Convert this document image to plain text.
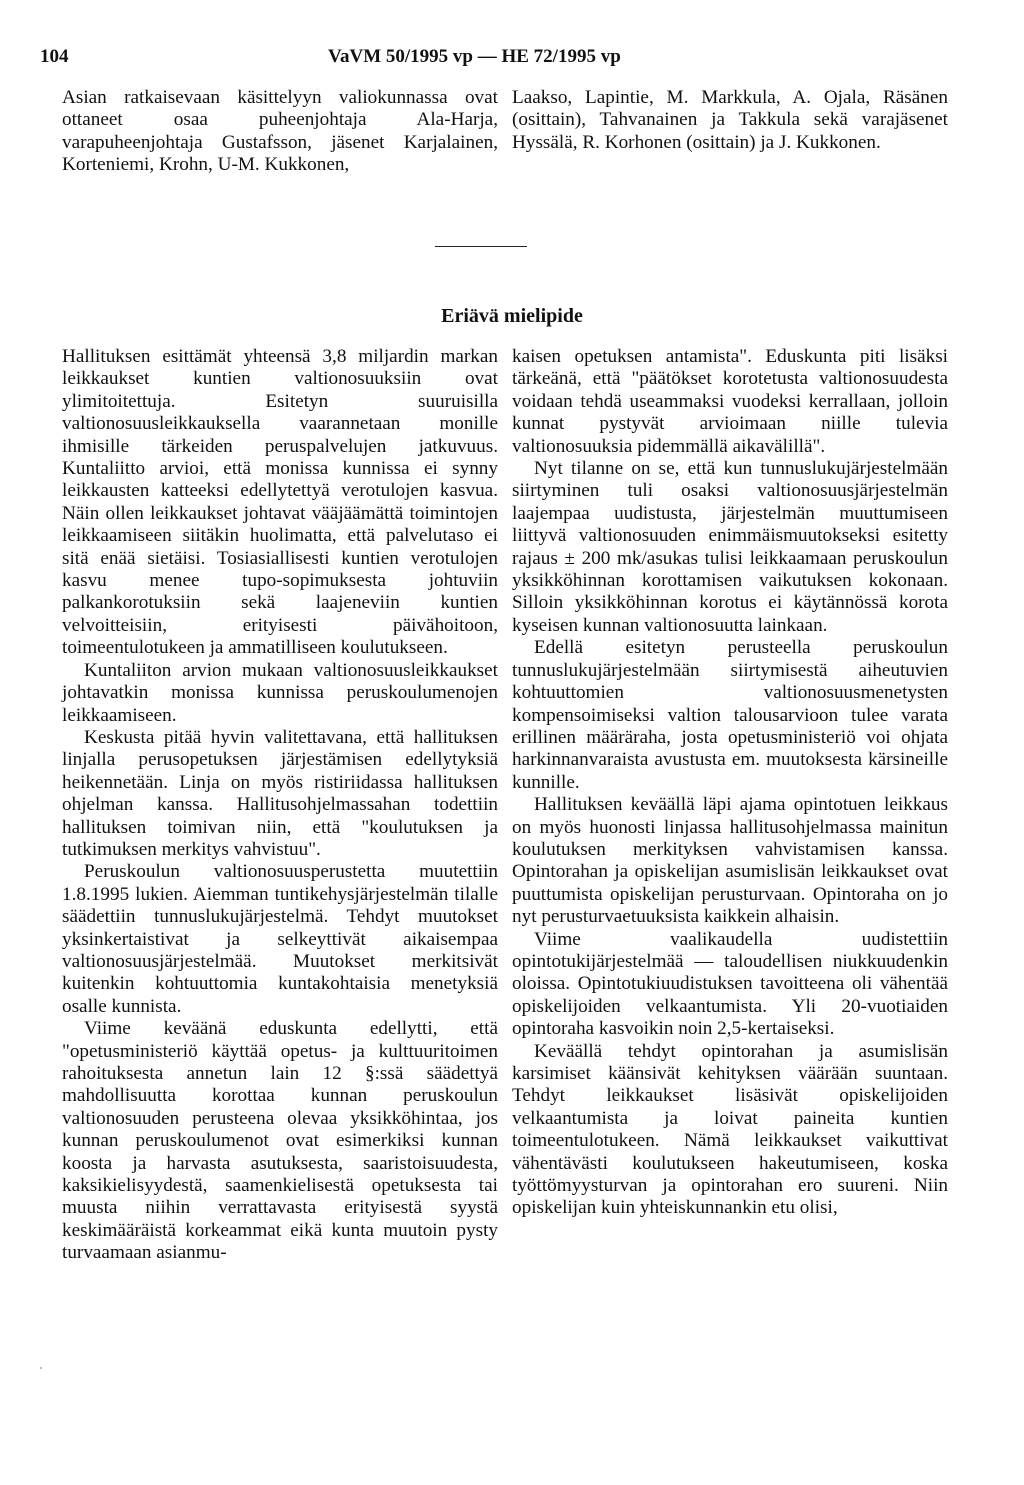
104	VaVM 50/1995 vp — HE 72/1995 vp

Asian ratkaisevaan käsittelyyn valiokunnassa ovat ottaneet osaa puheenjohtaja Ala-Harja, varapuheenjohtaja Gustafsson, jäsenet Karjalainen, Korteniemi, Krohn, U-M. Kukkonen,

Laakso, Lapintie, M. Markkula, A. Ojala, Räsänen (osittain), Tahvanainen ja Takkula sekä varajäsenet Hyssälä, R. Korhonen (osittain) ja J. Kukkonen.

Eriävä mielipide

Hallituksen esittämät yhteensä 3,8 miljardin markan leikkaukset kuntien valtionosuuksiin ovat ylimitoitettuja. Esitetyn suuruisilla valtionosuusleikkauksella vaarannetaan monille ihmisille tärkeiden peruspalvelujen jatkuvuus. Kuntaliitto arvioi, että monissa kunnissa ei synny leikkausten katteeksi edellytettyä verotulojen kasvua. Näin ollen leikkaukset johtavat vääjäämättä toimintojen leikkaamiseen siitäkin huolimatta, että palvelutaso ei sitä enää sietäisi. Tosiasiallisesti kuntien verotulojen kasvu menee tupo-sopimuksesta johtuviin palkankorotuksiin sekä laajeneviin kuntien velvoitteisiin, erityisesti päivähoitoon, toimeentulotukeen ja ammatilliseen koulutukseen.

Kuntaliiton arvion mukaan valtionosuusleikkaukset johtavatkin monissa kunnissa peruskoulumenojen leikkaamiseen.

Keskusta pitää hyvin valitettavana, että hallituksen linjalla perusopetuksen järjestämisen edellytyksiä heikennetään. Linja on myös ristiriidassa hallituksen ohjelman kanssa. Hallitusohjelmassahan todettiin hallituksen toimivan niin, että "koulutuksen ja tutkimuksen merkitys vahvistuu".

Peruskoulun valtionosuusperustetta muutettiin 1.8.1995 lukien. Aiemman tuntikehysjärjestelmän tilalle säädettiin tunnuslukujärjestelmä. Tehdyt muutokset yksinkertaistivat ja selkeyttivät aikaisempaa valtionosuusjärjestelmää. Muutokset merkitsivät kuitenkin kohtuuttomia kuntakohtaisia menetyksiä osalle kunnista.

Viime keväänä eduskunta edellytti, että "opetusministeriö käyttää opetus- ja kulttuuritoimen rahoituksesta annetun lain 12 §:ssä säädettyä mahdollisuutta korottaa kunnan peruskoulun valtionosuuden perusteena olevaa yksikköhintaa, jos kunnan peruskoulumenot ovat esimerkiksi kunnan koosta ja harvasta asutuksesta, saaristoisuudesta, kaksikielisyydestä, saamenkielisestä opetuksesta tai muusta niihin verrattavasta erityisestä syystä keskimääräistä korkeammat eikä kunta muutoin pysty turvaamaan asianmu-

kaisen opetuksen antamista". Eduskunta piti lisäksi tärkeänä, että "päätökset korotetusta valtionosuudesta voidaan tehdä useammaksi vuodeksi kerrallaan, jolloin kunnat pystyvät arvioimaan niille tulevia valtionosuuksia pidemmällä aikavälillä".

Nyt tilanne on se, että kun tunnuslukujärjestelmään siirtyminen tuli osaksi valtionosuusjärjestelmän laajempaa uudistusta, järjestelmän muuttumiseen liittyvä valtionosuuden enimmäismuutokseksi esitetty rajaus ± 200 mk/asukas tulisi leikkaamaan peruskoulun yksikköhinnan korottamisen vaikutuksen kokonaan. Silloin yksikköhinnan korotus ei käytännössä korota kyseisen kunnan valtionosuutta lainkaan.

Edellä esitetyn perusteella peruskoulun tunnuslukujärjestelmään siirtymisestä aiheutuvien kohtuuttomien valtionosuusmenetysten kompensoimiseksi valtion talousarvioon tulee varata erillinen määräraha, josta opetusministeriö voi ohjata harkinnanvaraista avustusta em. muutoksesta kärsineille kunnille.

Hallituksen keväällä läpi ajama opintotuen leikkaus on myös huonosti linjassa hallitusohjelmassa mainitun koulutuksen merkityksen vahvistamisen kanssa. Opintorahan ja opiskelijan asumislisän leikkaukset ovat puuttumista opiskelijan perusturvaan. Opintoraha on jo nyt perusturvaetuuksista kaikkein alhaisin.

Viime vaalikaudella uudistettiin opintotukijärjestelmää — taloudellisen niukkuudenkin oloissa. Opintotukiuudistuksen tavoitteena oli vähentää opiskelijoiden velkaantumista. Yli 20-vuotiaiden opintoraha kasvoikin noin 2,5-kertaiseksi.

Keväällä tehdyt opintorahan ja asumislisän karsimiset käänsivät kehityksen väärään suuntaan. Tehdyt leikkaukset lisäsivät opiskelijoiden velkaantumista ja loivat paineita kuntien toimeentulotukeen. Nämä leikkaukset vaikuttivat vähentävästi koulutukseen hakeutumiseen, koska työttömyysturvan ja opintorahan ero suureni. Niin opiskelijan kuin yhteiskunnankin etu olisi,
